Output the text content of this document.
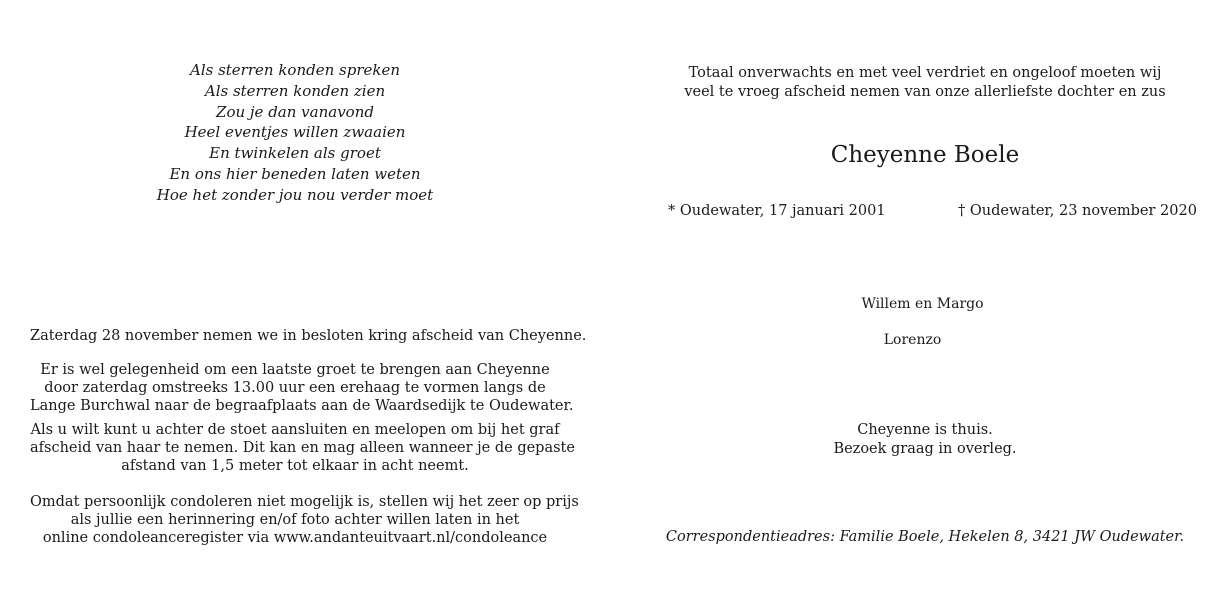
Als sterren konden spreken
Als sterren konden zien
Zou je dan vanavond
Heel eventjes willen zwaaien
En twinkelen als groet
En ons hier beneden laten weten
Hoe het zonder jou nou verder moet
Zaterdag 28 november nemen we in besloten kring afscheid van Cheyenne.
Er is wel gelegenheid om een laatste groet te brengen aan Cheyenne
door zaterdag omstreeks 13.00 uur een erehaag te vormen langs de
Lange Burchwal naar de begraafplaats aan de Waardsedijk te Oudewater.
Als u wilt kunt u achter de stoet aansluiten en meelopen om bij het graf
afscheid van haar te nemen. Dit kan en mag alleen wanneer je de gepaste
afstand van 1,5 meter tot elkaar in acht neemt.
Omdat persoonlijk condoleren niet mogelijk is, stellen wij het zeer op prijs
als jullie een herinnering en/of foto achter willen laten in het
online condoleanceregister via www.andanteuitvaart.nl/condoleance
Totaal onverwachts en met veel verdriet en ongeloof moeten wij
veel te vroeg afscheid nemen van onze allerliefste dochter en zus
Cheyenne Boele
* Oudewater, 17 januari 2001	† Oudewater, 23 november 2020
Willem en Margo
Lorenzo
Cheyenne is thuis.
Bezoek graag in overleg.
Correspondentieadres: Familie Boele, Hekelen 8, 3421 JW Oudewater.
